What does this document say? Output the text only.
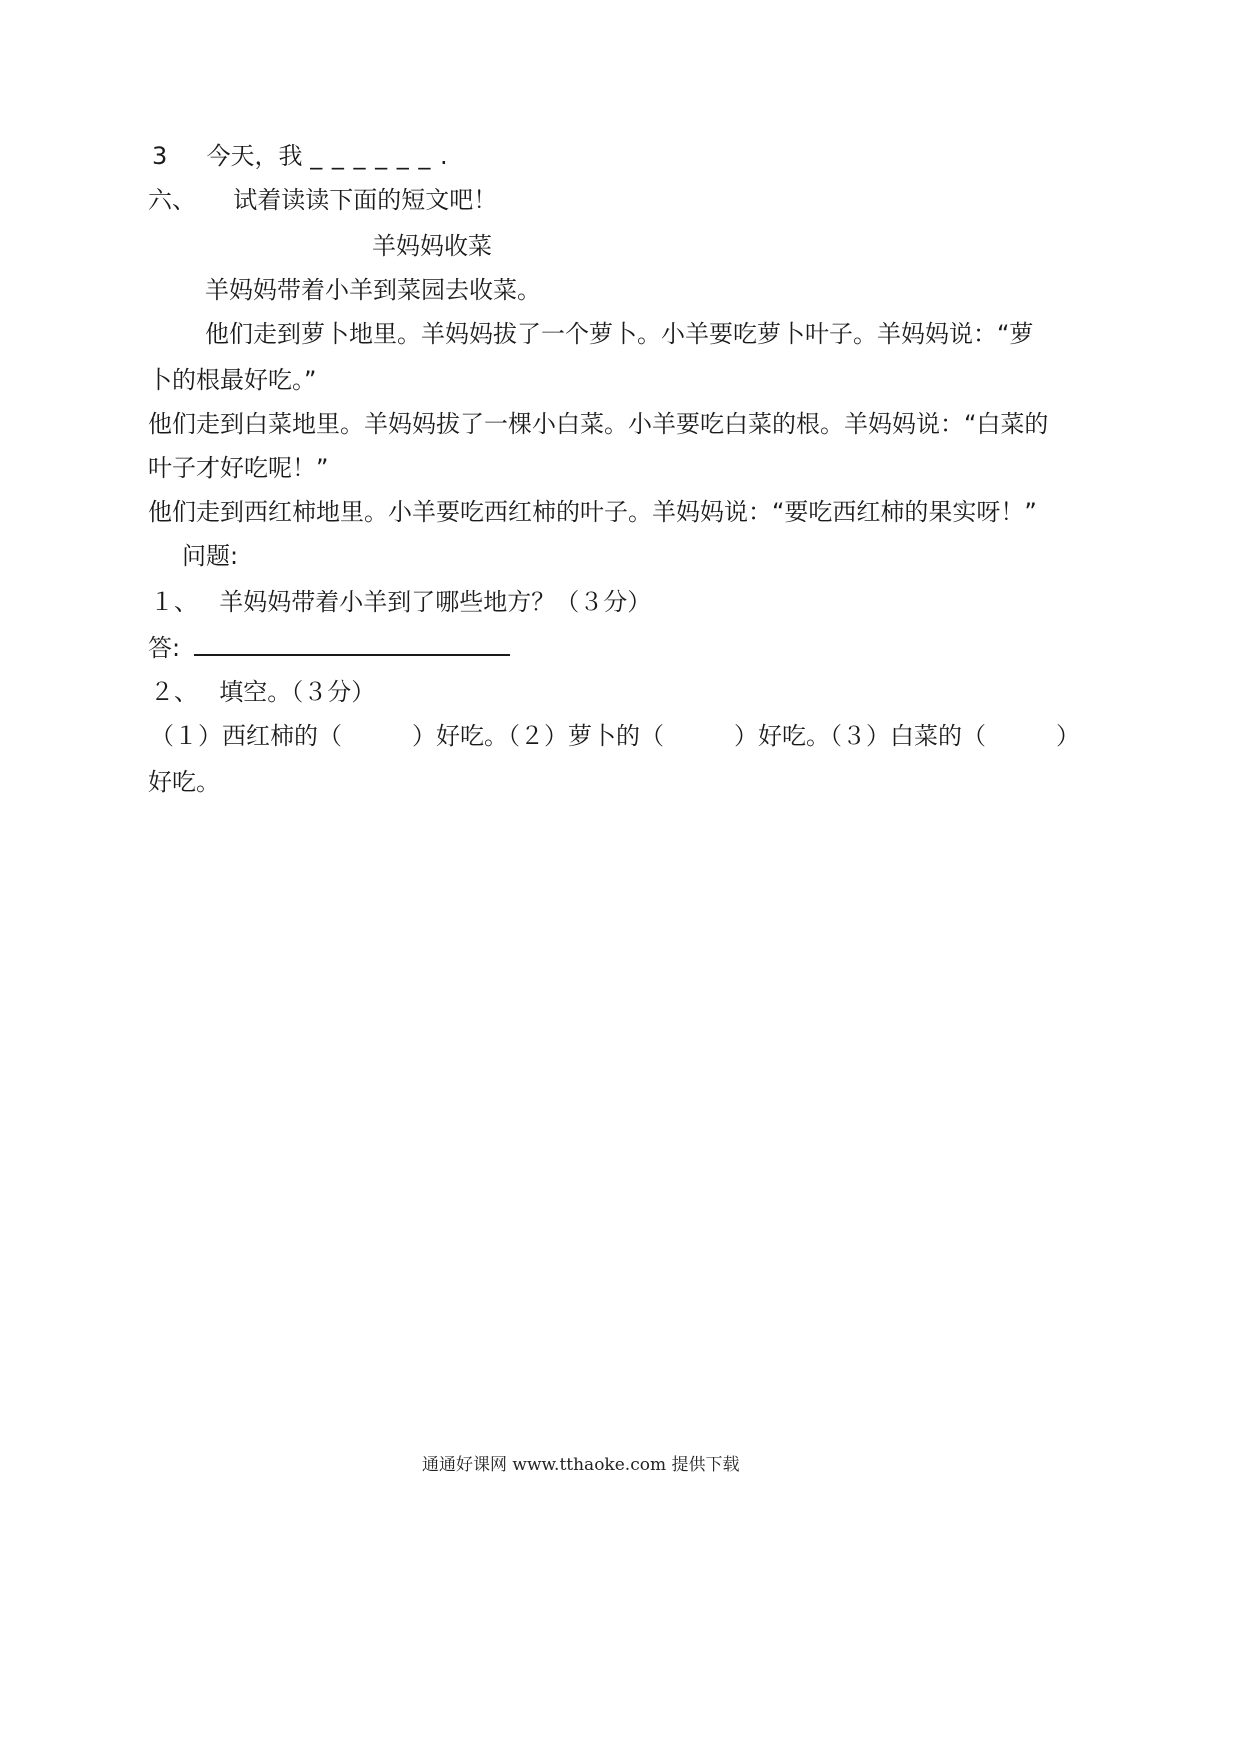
3 今天，我 _ _ _ _ _ _ .
六、 试着读读下面的短文吧！
羊妈妈收菜
羊妈妈带着小羊到菜园去收菜。
他们走到萝卜地里。羊妈妈拔了一个萝卜。小羊要吃萝卜叶子。羊妈妈说：“萝
卜的根最好吃。”
他们走到白菜地里。羊妈妈拔了一棵小白菜。小羊要吃白菜的根。羊妈妈说：“白菜的
叶子才好吃呢！”
他们走到西红柿地里。小羊要吃西红柿的叶子。羊妈妈说：“要吃西红柿的果实呀！”
问题:
１、 羊妈妈带着小羊到了哪些地方？（３分）
答:
２、 填空。（３分）
（１）西红柿的（	）好吃。（２）萝卜的（	）好吃。（３）白菜的（	）
好吃。
通通好课网 www.tthaoke.com 提供下载
